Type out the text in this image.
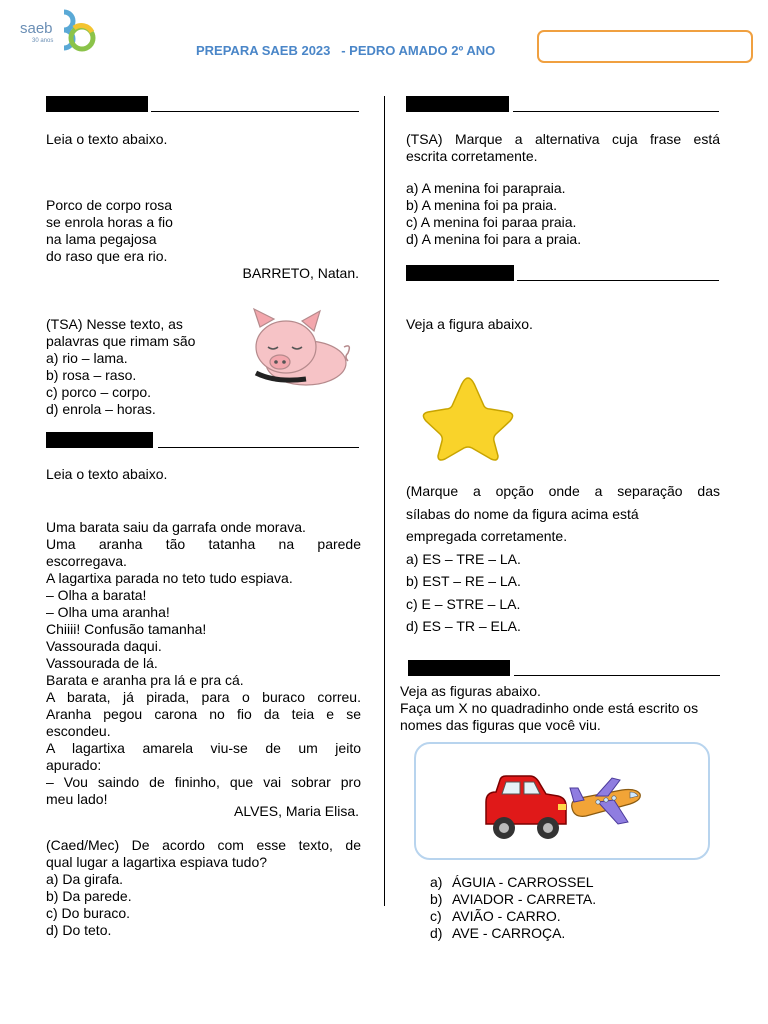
saeb
30 anos
PREPARA SAEB 2023   - PEDRO AMADO 2º ANO
Leia o texto abaixo.
Porco de corpo rosa
se enrola horas a fio
na lama pegajosa
do raso que era rio.
BARRETO, Natan.
(TSA) Nesse texto, as
palavras que rimam são
a) rio – lama.
b) rosa – raso.
c) porco – corpo.
d) enrola – horas.
Leia o texto abaixo.
Uma barata saiu da garrafa onde morava.
Uma aranha tão tatanha na parede
escorregava.
A lagartixa parada no teto tudo espiava.
– Olha a barata!
– Olha uma aranha!
Chiiii! Confusão tamanha!
Vassourada daqui.
Vassourada de lá.
Barata e aranha pra lá e pra cá.
A barata, já pirada, para o buraco correu.
Aranha pegou carona no fio da teia e se
escondeu.
A lagartixa amarela viu-se de um jeito
apurado:
– Vou saindo de fininho, que vai sobrar pro
meu lado!
ALVES, Maria Elisa.
(Caed/Mec) De acordo com esse texto, de
qual lugar a lagartixa espiava tudo?
a) Da girafa.
b) Da parede.
c) Do buraco.
d) Do teto.
(TSA) Marque a alternativa cuja frase está
escrita corretamente.
a) A menina foi parapraia.
b) A menina foi pa praia.
c) A menina foi paraa praia.
d) A menina foi para a praia.
Veja a figura abaixo.
(Marque a opção onde a separação das
sílabas do nome da figura acima está
empregada corretamente.
a) ES – TRE – LA.
b) EST – RE – LA.
c) E – STRE – LA.
d) ES – TR – ELA.
Veja as figuras abaixo.
Faça um X no quadradinho onde está escrito os
nomes das figuras que você viu.
a) ÁGUIA - CARROSSEL
b) AVIADOR - CARRETA.
c) AVIÃO - CARRO.
d) AVE - CARROÇA.
